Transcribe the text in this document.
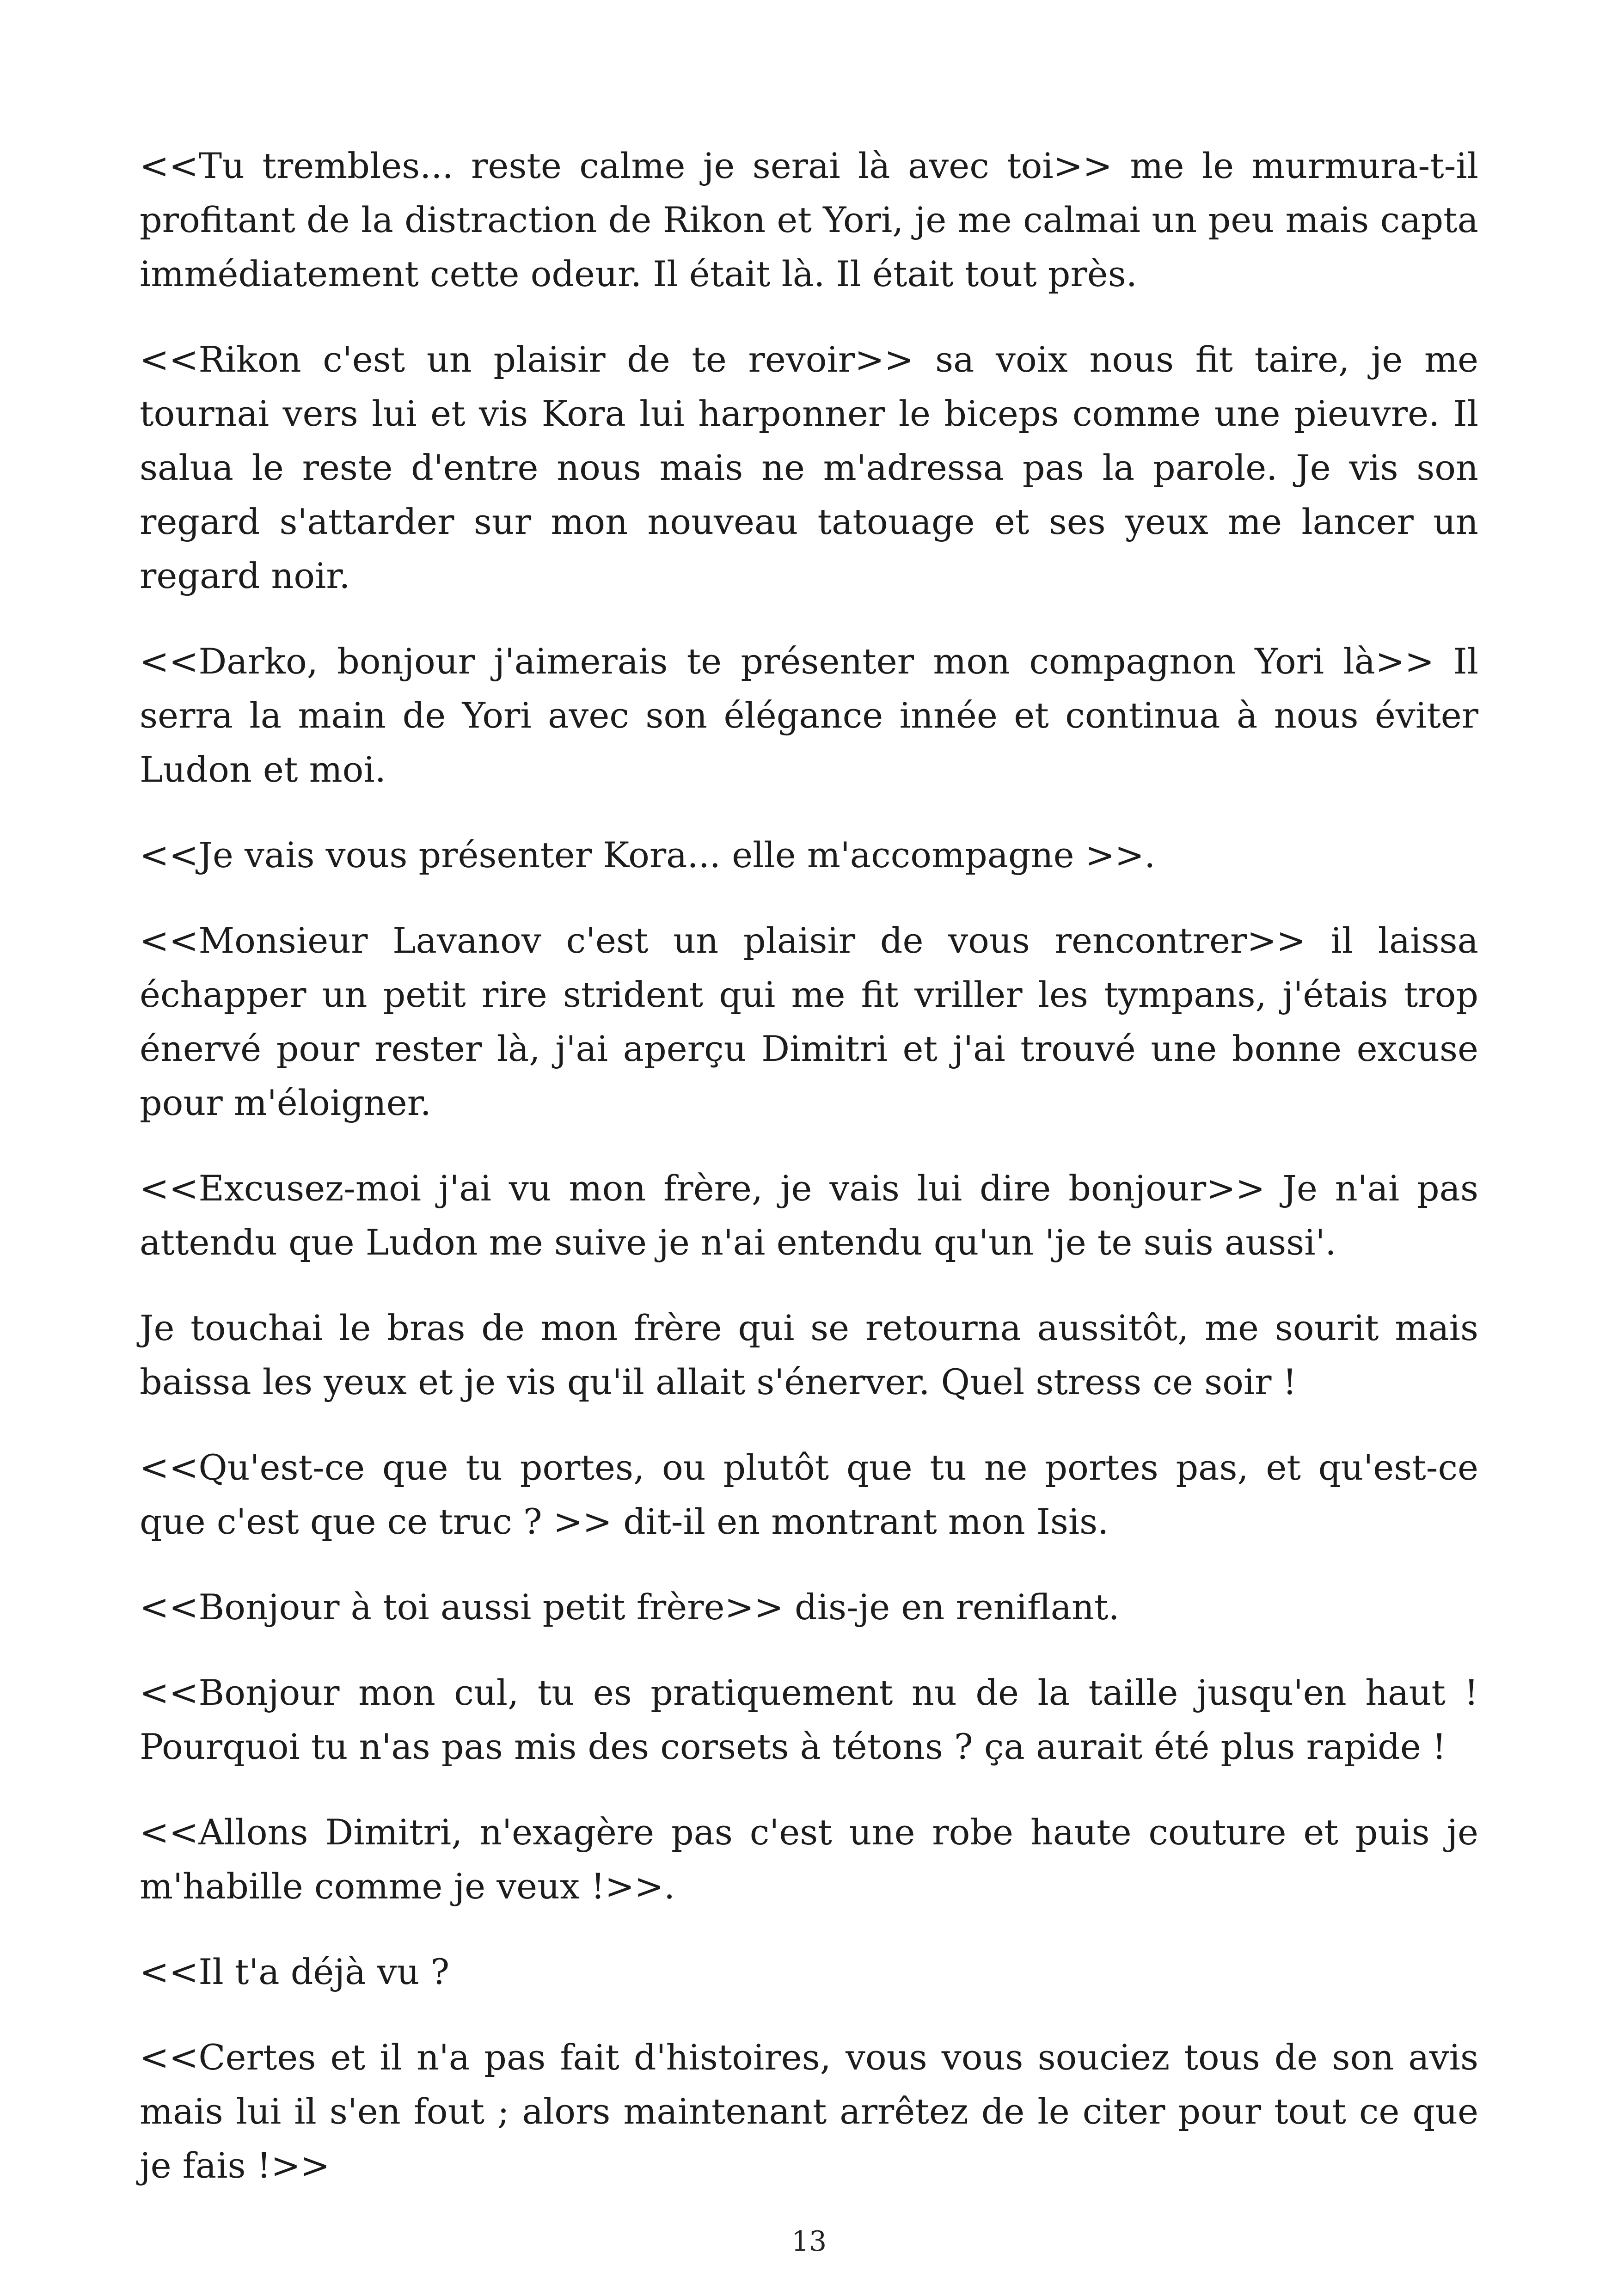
<<Tu trembles... reste calme je serai là avec toi>> me le murmura-t-il profitant de la distraction de Rikon et Yori, je me calmai un peu mais capta immédiatement cette odeur. Il était là. Il était tout près.

<<Rikon c'est un plaisir de te revoir>> sa voix nous fit taire, je me tournai vers lui et vis Kora lui harponner le biceps comme une pieuvre. Il salua le reste d'entre nous mais ne m'adressa pas la parole. Je vis son regard s'attarder sur mon nouveau tatouage et ses yeux me lancer un regard noir.

<<Darko, bonjour j'aimerais te présenter mon compagnon Yori là>> Il serra la main de Yori avec son élégance innée et continua à nous éviter Ludon et moi.

<<Je vais vous présenter Kora... elle m'accompagne >>.

<<Monsieur Lavanov c'est un plaisir de vous rencontrer>> il laissa échapper un petit rire strident qui me fit vriller les tympans, j'étais trop énervé pour rester là, j'ai aperçu Dimitri et j'ai trouvé une bonne excuse pour m'éloigner.

<<Excusez-moi j'ai vu mon frère, je vais lui dire bonjour>> Je n'ai pas attendu que Ludon me suive je n'ai entendu qu'un 'je te suis aussi'.

Je touchai le bras de mon frère qui se retourna aussitôt, me sourit mais baissa les yeux et je vis qu'il allait s'énerver. Quel stress ce soir !

<<Qu'est-ce que tu portes, ou plutôt que tu ne portes pas, et qu'est-ce que c'est que ce truc ? >> dit-il en montrant mon Isis.

<<Bonjour à toi aussi petit frère>> dis-je en reniflant.

<<Bonjour mon cul, tu es pratiquement nu de la taille jusqu'en haut ! Pourquoi tu n'as pas mis des corsets à tétons ? ça aurait été plus rapide !

<<Allons Dimitri, n'exagère pas c'est une robe haute couture et puis je m'habille comme je veux !>>.

<<Il t'a déjà vu ?

<<Certes et il n'a pas fait d'histoires, vous vous souciez tous de son avis mais lui il s'en fout ; alors maintenant arrêtez de le citer pour tout ce que je fais !>>

13
